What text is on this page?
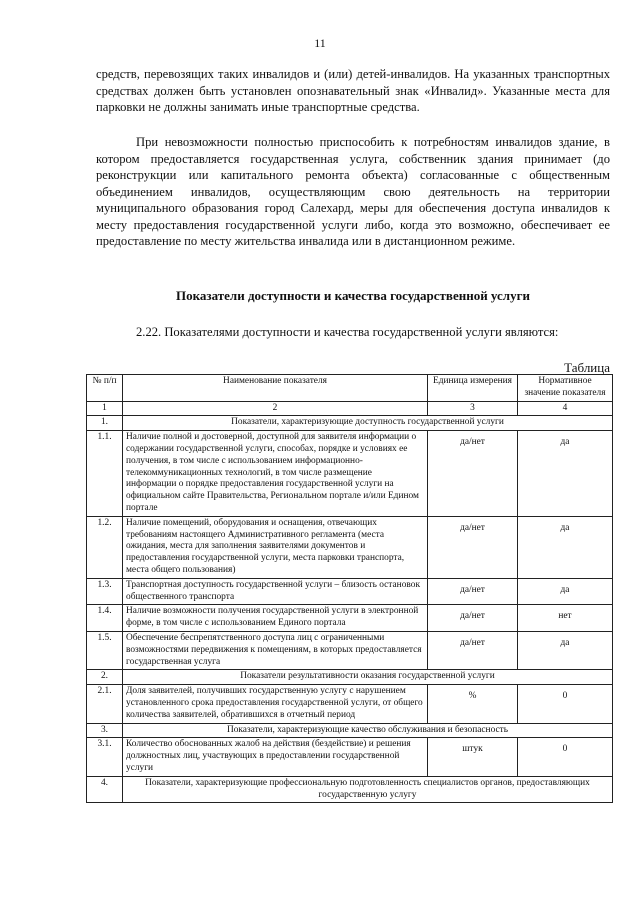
11

средств, перевозящих таких инвалидов и (или) детей-инвалидов. На указанных транспортных средствах должен быть установлен опознавательный знак «Инвалид». Указанные места для парковки не должны занимать иные транспортные средства.

При невозможности полностью приспособить к потребностям инвалидов здание, в котором предоставляется государственная услуга, собственник здания принимает (до реконструкции или капитального ремонта объекта) согласованные с общественным объединением инвалидов, осуществляющим свою деятельность на территории муниципального образования город Салехард, меры для обеспечения доступа инвалидов к месту предоставления государственной услуги либо, когда это возможно, обеспечивает ее предоставление по месту жительства инвалида или в дистанционном режиме.

Показатели доступности и качества государственной услуги

2.22. Показателями доступности и качества государственной услуги являются:

Таблица
№ п/п	Наименование показателя	Единица измерения	Нормативное значение показателя
1	2	3	4
1.	Показатели, характеризующие доступность государственной услуги		
1.1.	Наличие полной и достоверной, доступной для заявителя информации о содержании государственной услуги, способах, порядке и условиях ее получения, в том числе с использованием информационно-телекоммуникационных технологий, в том числе размещение информации о порядке предоставления государственной услуги на официальном сайте Правительства, Региональном портале и/или Едином портале	да/нет	да
1.2.	Наличие помещений, оборудования и оснащения, отвечающих требованиям настоящего Административного регламента (места ожидания, места для заполнения заявителями документов и предоставления государственной услуги, места парковки транспорта, места общего пользования)	да/нет	да
1.3.	Транспортная доступность государственной услуги – близость остановок общественного транспорта	да/нет	да
1.4.	Наличие возможности получения государственной услуги в электронной форме, в том числе с использованием Единого портала	да/нет	нет
1.5.	Обеспечение беспрепятственного доступа лиц с ограниченными возможностями передвижения к помещениям, в которых предоставляется государственная услуга	да/нет	да
2.	Показатели результативности оказания государственной услуги		
2.1.	Доля заявителей, получивших государственную услугу с нарушением установленного срока предоставления государственной услуги, от общего количества заявителей, обратившихся в отчетный период	%	0
3.	Показатели, характеризующие качество обслуживания и безопасность		
3.1.	Количество обоснованных жалоб на действия (бездействие) и решения должностных лиц, участвующих в предоставлении государственной услуги	штук	0
4.	Показатели, характеризующие профессиональную подготовленность специалистов органов, предоставляющих государственную услугу		
